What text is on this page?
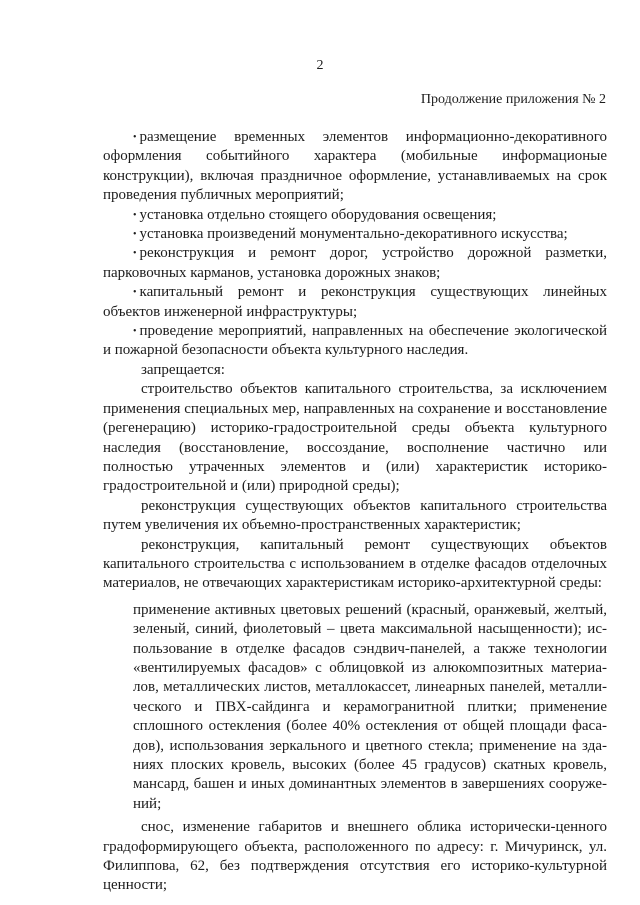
2
Продолжение приложения № 2

• размещение временных элементов информационно-декоративного оформления событийного характера (мобильные информационые конструкции), включая праздничное оформление, устанавливаемых на срок проведения публичных мероприятий;

• установка отдельно стоящего оборудования освещения;

• установка произведений монументально-декоративного искусства;

• реконструкция и ремонт дорог, устройство дорожной разметки, парковочных карманов, установка дорожных знаков;

• капитальный ремонт и реконструкция существующих линейных объектов инженерной инфраструктуры;

• проведение мероприятий, направленных на обеспечение экологической и пожарной безопасности объекта культурного наследия.

запрещается:

строительство объектов капитального строительства, за исключением применения специальных мер, направленных на сохранение и восстановление (регенерацию) историко-градостроительной среды объекта культурного наследия (восстановление, воссоздание, восполнение частично или полностью утраченных элементов и (или) характеристик историко-градостроительной и (или) природной среды);

реконструкция существующих объектов капитального строительства путем увеличения их объемно-пространственных характеристик;

реконструкция, капитальный ремонт существующих объектов капитального строительства с использованием в отделке фасадов отделочных материалов, не отвечающих характеристикам историко-архитектурной среды:

применение активных цветовых решений (красный, оранжевый, желтый,
зеленый, синий, фиолетовый – цвета максимальной насыщенности); ис-
пользование в отделке фасадов сэндвич-панелей, а также технологии
«вентилируемых фасадов» с облицовкой из алюкомпозитных материа-
лов, металлических листов, металлокассет, линеарных панелей, металли-
ческого и ПВХ-сайдинга и керамогранитной плитки; применение
сплошного остекления (более 40% остекления от общей площади фаса-
дов), использования зеркального и цветного стекла; применение на зда-
ниях плоских кровель, высоких (более 45 градусов) скатных кровель,
мансард, башен и иных доминантных элементов в завершениях сооруже-
ний;

снос, изменение габаритов и внешнего облика исторически-ценного градоформирующего объекта, расположенного по адресу: г. Мичуринск, ул. Филиппова, 62, без подтверждения отсутствия его историко-культурной ценности;
